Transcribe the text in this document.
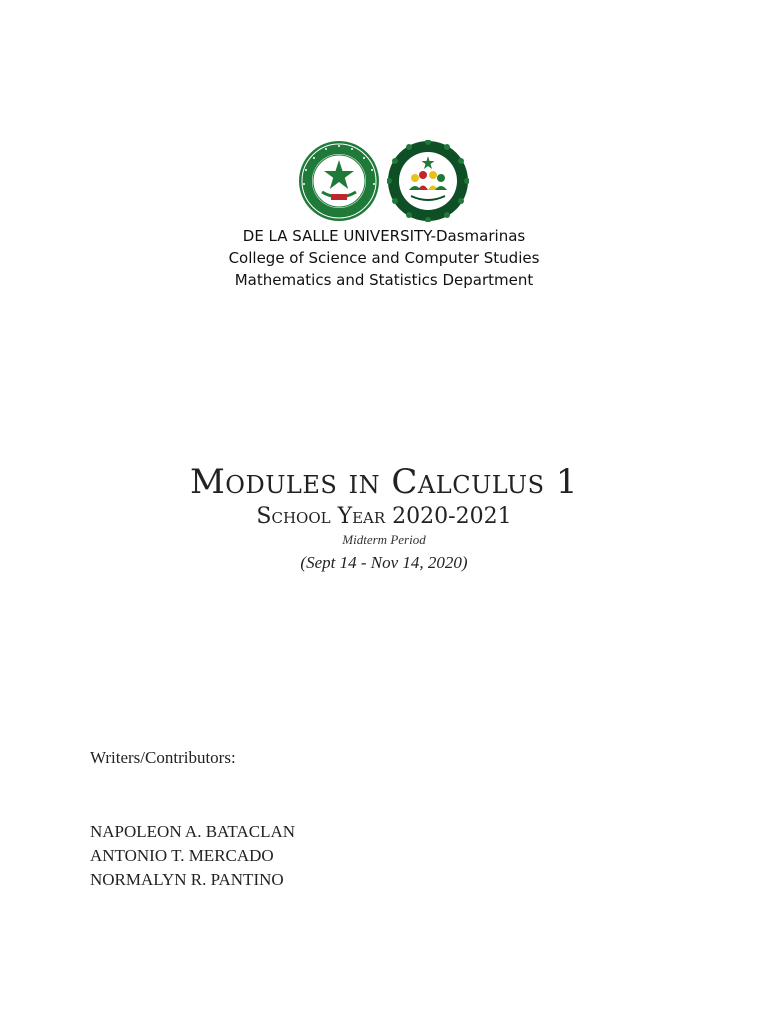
DE LA SALLE UNIVERSITY-Dasmarinas
College of Science and Computer Studies
Mathematics and Statistics Department
Modules in Calculus 1
School Year 2020-2021
Midterm Period
(Sept 14 - Nov 14, 2020)
Writers/Contributors:
NAPOLEON A. BATACLAN
ANTONIO T. MERCADO
NORMALYN R. PANTINO
